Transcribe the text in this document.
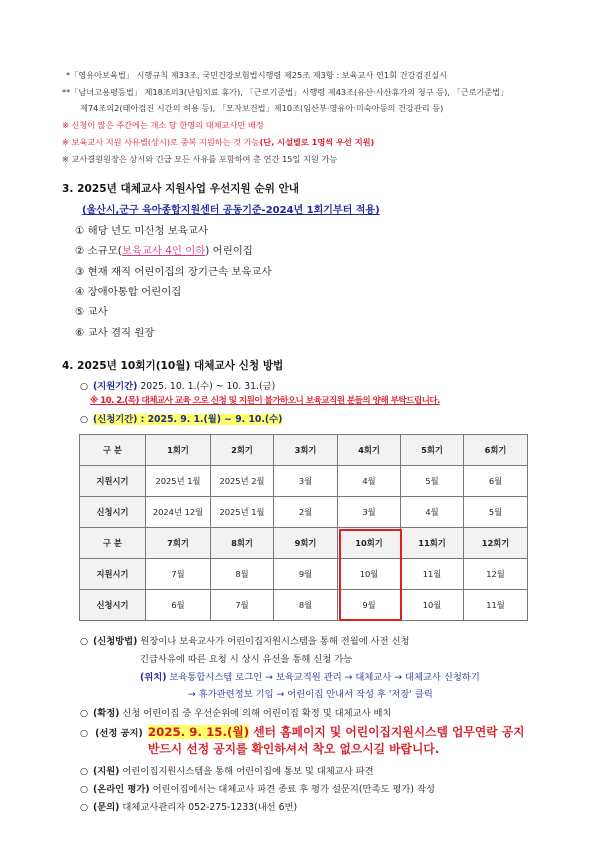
*「영유아보육법」 시행규칙 제33조, 국민건강보험법시행령 제25조 제3항 : 보육교사 연1회 건강검진실시
**「남녀고용평등법」 제18조의3(난임치료 휴가), 「근로기준법」시행령 제43조(유산·사산휴가의 청구 등), 「근로기준법」
제74조의2(태아검진 시간의 허용 등), 「모자보건법」제10조(임산부·영유아·미숙아등의 건강관리 등)
※ 신청이 많은 주간에는 개소 당 한명의 대체교사만 배정
※ 보육교사 지원 사유별(상시)로 중복 지원하는 것 가능(단, 시설별로 1명씩 우선 지원)
※ 교사결원원장은 상시와 긴급 모든 사유를 포함하여 총 연간 15일 지원 가능
3. 2025년 대체교사 지원사업 우선지원 순위 안내
(울산시,군구 육아종합지원센터 공동기준-2024년 1회기부터 적용)
① 해당 년도 미신청 보육교사
② 소규모(보육교사 4인 이하) 어린이집
③ 현재 재직 어린이집의 장기근속 보육교사
④ 장애아통합 어린이집
⑤ 교사
⑥ 교사 겸직 원장
4. 2025년 10회기(10월) 대체교사 신청 방법
○ (지원기간) 2025. 10. 1.(수) ~ 10. 31.(금)
※ 10. 2.(목) 대체교사 교육 으로 신청 및 지원이 불가하오니 보육교직원 분들의 양해 부탁드립니다.
○ (신청기간) : 2025. 9. 1.(월) ~ 9. 10.(수)
구 분	1회기	2회기	3회기	4회기	5회기	6회기
지원시기	2025년 1월	2025년 2월	3월	4월	5월	6월
신청시기	2024년 12월	2025년 1월	2월	3월	4월	5월
구 분	7회기	8회기	9회기	10회기	11회기	12회기
지원시기	7월	8월	9월	10월	11월	12월
신청시기	6월	7월	8월	9월	10월	11월
○ (신청방법) 원장이나 보육교사가 어린이집지원시스템을 통해 전월에 사전 신청
긴급사유에 따른 요청 시 상시 유선을 통해 신청 가능
(위치) 보육통합시스템 로그인 → 보육교직원 관리 → 대체교사 → 대체교사 신청하기
→ 휴가관련정보 기입 → 어린이집 안내서 작성 후 '저장' 클릭
○ (확정) 신청 어린이집 중 우선순위에 의해 어린이집 확정 및 대체교사 배치
○ (선정 공지) 2025. 9. 15.(월) 센터 홈페이지 및 어린이집지원시스템 업무연락 공지
반드시 선정 공지를 확인하셔서 착오 없으시길 바랍니다.
○ (지원) 어린이집지원시스템을 통해 어린이집에 통보 및 대체교사 파견
○ (온라인 평가) 어린이집에서는 대체교사 파견 종료 후 평가 설문지(만족도 평가) 작성
○ (문의) 대체교사관리자 052-275-1233(내선 6번)
